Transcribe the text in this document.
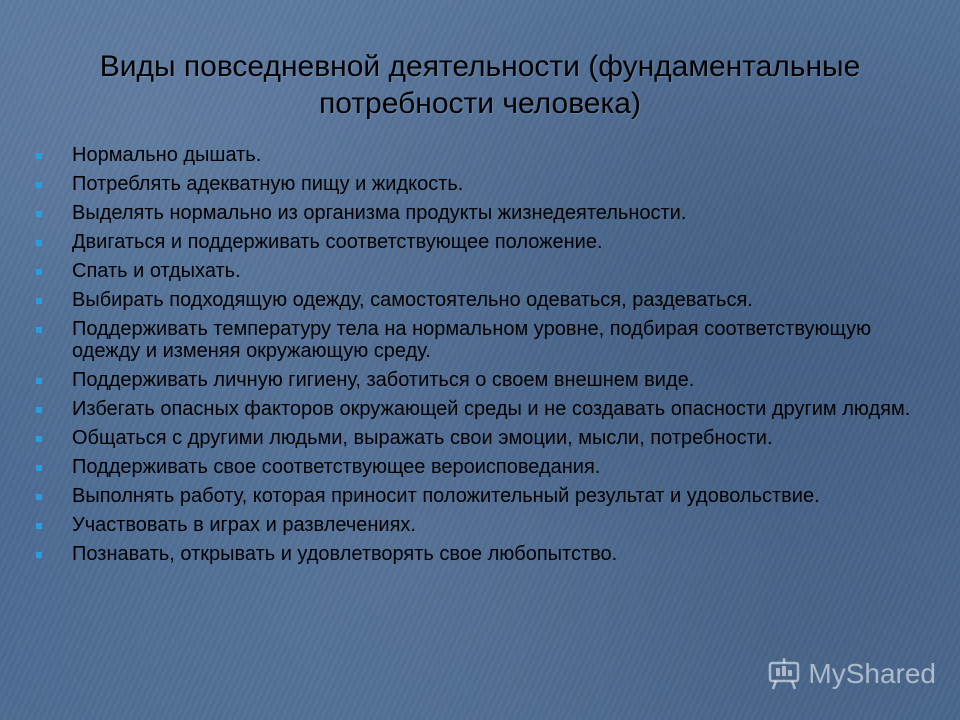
Виды повседневной деятельности (фундаментальные потребности человека)
Нормально дышать.
Потреблять адекватную пищу и жидкость.
Выделять нормально из организма продукты жизнедеятельности.
Двигаться и поддерживать соответствующее положение.
Спать и отдыхать.
Выбирать подходящую одежду, самостоятельно одеваться, раздеваться.
Поддерживать температуру тела на нормальном уровне, подбирая соответствующую одежду и изменяя окружающую среду.
Поддерживать личную гигиену, заботиться о своем внешнем виде.
Избегать опасных факторов окружающей среды и не создавать опасности другим людям.
Общаться с другими людьми, выражать свои эмоции, мысли, потребности.
Поддерживать свое соответствующее вероисповедания.
Выполнять работу, которая приносит положительный результат и удовольствие.
Участвовать в играх и развлечениях.
Познавать, открывать и удовлетворять свое любопытство.
MyShared
